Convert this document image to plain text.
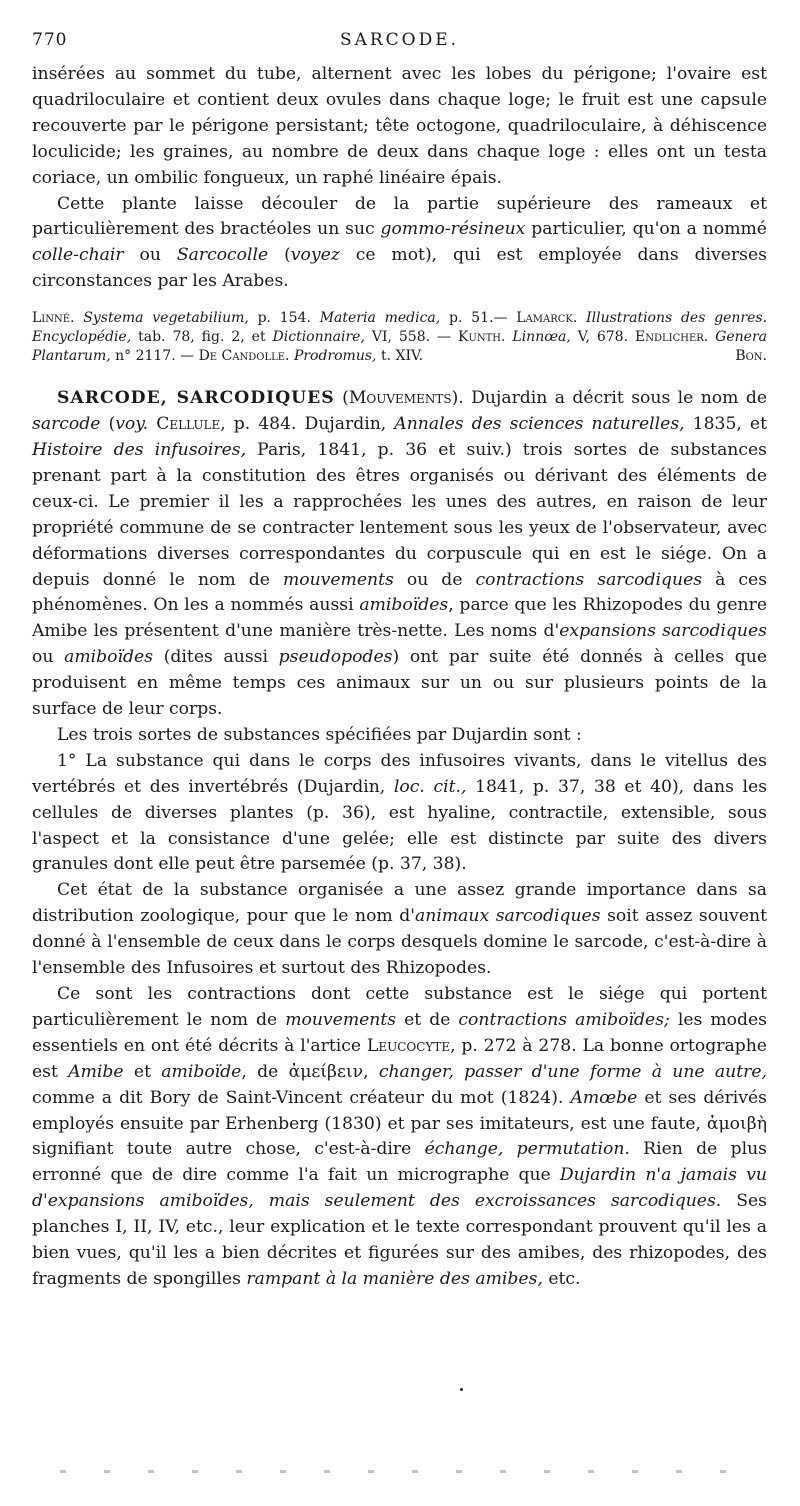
770	SARCODE.

insérées au sommet du tube, alternent avec les lobes du périgone; l'ovaire est quadriloculaire et contient deux ovules dans chaque loge; le fruit est une capsule recouverte par le périgone persistant; tête octogone, quadriloculaire, à déhiscence loculicide; les graines, au nombre de deux dans chaque loge : elles ont un testa coriace, un ombilic fongueux, un raphé linéaire épais.

Cette plante laisse découler de la partie supérieure des rameaux et particulièrement des bractéoles un suc gommo-résineux particulier, qu'on a nommé colle-chair ou Sarcocolle (voyez ce mot), qui est employée dans diverses circonstances par les Arabes.

Linné. Systema vegetabilium, p. 154. Materia medica, p. 51.— Lamarck. Illustrations des genres. Encyclopédie, tab. 78, fig. 2, et Dictionnaire, VI, 558. — Kunth. Linnœa, V, 678. Endlicher. Genera Plantarum, n° 2117. — De Candolle. Prodromus, t. XIV.	Bon.

SARCODE, SARCODIQUES (Mouvements). Dujardin a décrit sous le nom de sarcode (voy. Cellule, p. 484. Dujardin, Annales des sciences naturelles, 1835, et Histoire des infusoires, Paris, 1841, p. 36 et suiv.) trois sortes de substances prenant part à la constitution des êtres organisés ou dérivant des éléments de ceux-ci. Le premier il les a rapprochées les unes des autres, en raison de leur propriété commune de se contracter lentement sous les yeux de l'observateur, avec déformations diverses correspondantes du corpuscule qui en est le siége. On a depuis donné le nom de mouvements ou de contractions sarcodiques à ces phénomènes. On les a nommés aussi amiboïdes, parce que les Rhizopodes du genre Amibe les présentent d'une manière très-nette. Les noms d'expansions sarcodiques ou amiboïdes (dites aussi pseudopodes) ont par suite été donnés à celles que produisent en même temps ces animaux sur un ou sur plusieurs points de la surface de leur corps.

Les trois sortes de substances spécifiées par Dujardin sont :

1° La substance qui dans le corps des infusoires vivants, dans le vitellus des vertébrés et des invertébrés (Dujardin, loc. cit., 1841, p. 37, 38 et 40), dans les cellules de diverses plantes (p. 36), est hyaline, contractile, extensible, sous l'aspect et la consistance d'une gelée; elle est distincte par suite des divers granules dont elle peut être parsemée (p. 37, 38).

Cet état de la substance organisée a une assez grande importance dans sa distribution zoologique, pour que le nom d'animaux sarcodiques soit assez souvent donné à l'ensemble de ceux dans le corps desquels domine le sarcode, c'est-à-dire à l'ensemble des Infusoires et surtout des Rhizopodes.

Ce sont les contractions dont cette substance est le siége qui portent particulièrement le nom de mouvements et de contractions amiboïdes; les modes essentiels en ont été décrits à l'artice Leucocyte, p. 272 à 278. La bonne ortographe est Amibe et amiboïde, de ἀμείβειν, changer, passer d'une forme à une autre, comme a dit Bory de Saint-Vincent créateur du mot (1824). Amœbe et ses dérivés employés ensuite par Erhenberg (1830) et par ses imitateurs, est une faute, ἀμοιβὴ signifiant toute autre chose, c'est-à-dire échange, permutation. Rien de plus erronné que de dire comme l'a fait un micrographe que Dujardin n'a jamais vu d'expansions amiboïdes, mais seulement des excroissances sarcodiques. Ses planches I, II, IV, etc., leur explication et le texte correspondant prouvent qu'il les a bien vues, qu'il les a bien décrites et figurées sur des amibes, des rhizopodes, des fragments de spongilles rampant à la manière des amibes, etc.
